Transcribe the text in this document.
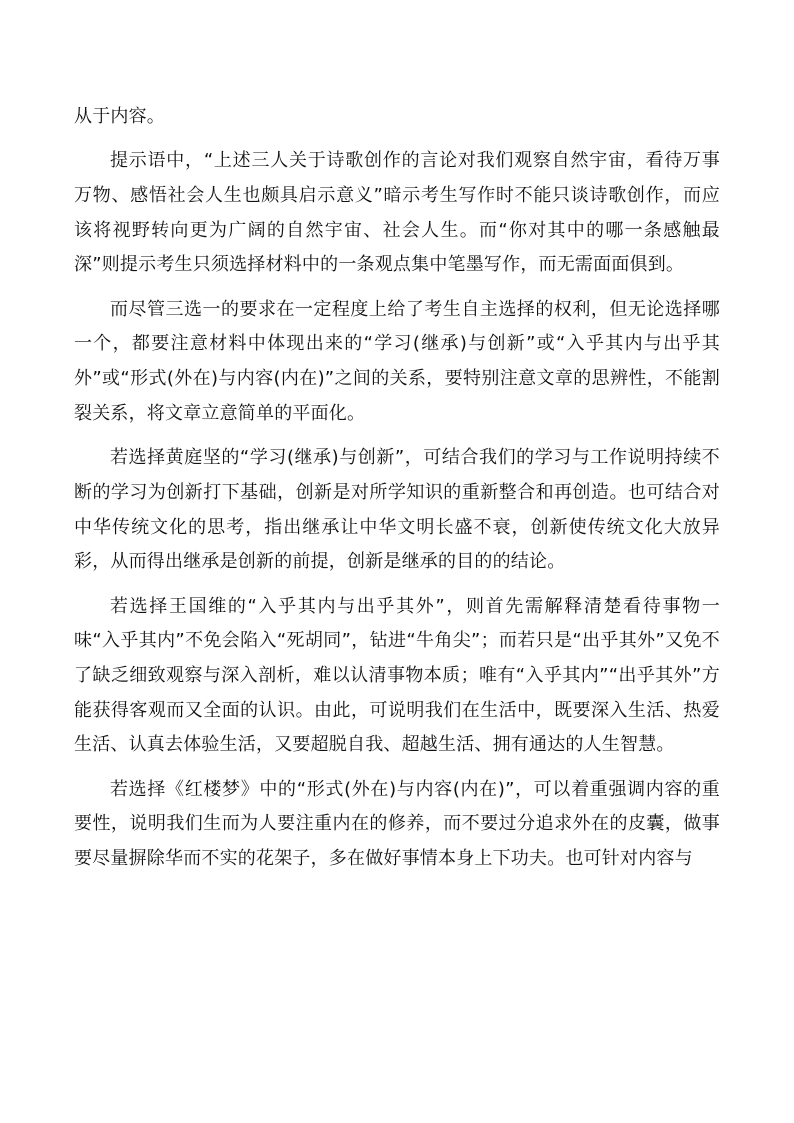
从于内容。

提示语中，“上述三人关于诗歌创作的言论对我们观察自然宇宙，看待万事万物、感悟社会人生也颇具启示意义”暗示考生写作时不能只谈诗歌创作，而应该将视野转向更为广阔的自然宇宙、社会人生。而“你对其中的哪一条感触最深”则提示考生只须选择材料中的一条观点集中笔墨写作，而无需面面俱到。

而尽管三选一的要求在一定程度上给了考生自主选择的权利，但无论选择哪一个，都要注意材料中体现出来的“学习(继承)与创新”或“入乎其内与出乎其外”或“形式(外在)与内容(内在)”之间的关系，要特别注意文章的思辨性，不能割裂关系，将文章立意简单的平面化。

若选择黄庭坚的“学习(继承)与创新”，可结合我们的学习与工作说明持续不断的学习为创新打下基础，创新是对所学知识的重新整合和再创造。也可结合对中华传统文化的思考，指出继承让中华文明长盛不衰，创新使传统文化大放异彩，从而得出继承是创新的前提，创新是继承的目的的结论。

若选择王国维的“入乎其内与出乎其外”，则首先需解释清楚看待事物一味“入乎其内”不免会陷入“死胡同”，钻进“牛角尖”；而若只是“出乎其外”又免不了缺乏细致观察与深入剖析，难以认清事物本质；唯有“入乎其内”“出乎其外”方能获得客观而又全面的认识。由此，可说明我们在生活中，既要深入生活、热爱生活、认真去体验生活，又要超脱自我、超越生活、拥有通达的人生智慧。

若选择《红楼梦》中的“形式(外在)与内容(内在)”，可以着重强调内容的重要性，说明我们生而为人要注重内在的修养，而不要过分追求外在的皮囊，做事要尽量摒除华而不实的花架子，多在做好事情本身上下功夫。也可针对内容与
